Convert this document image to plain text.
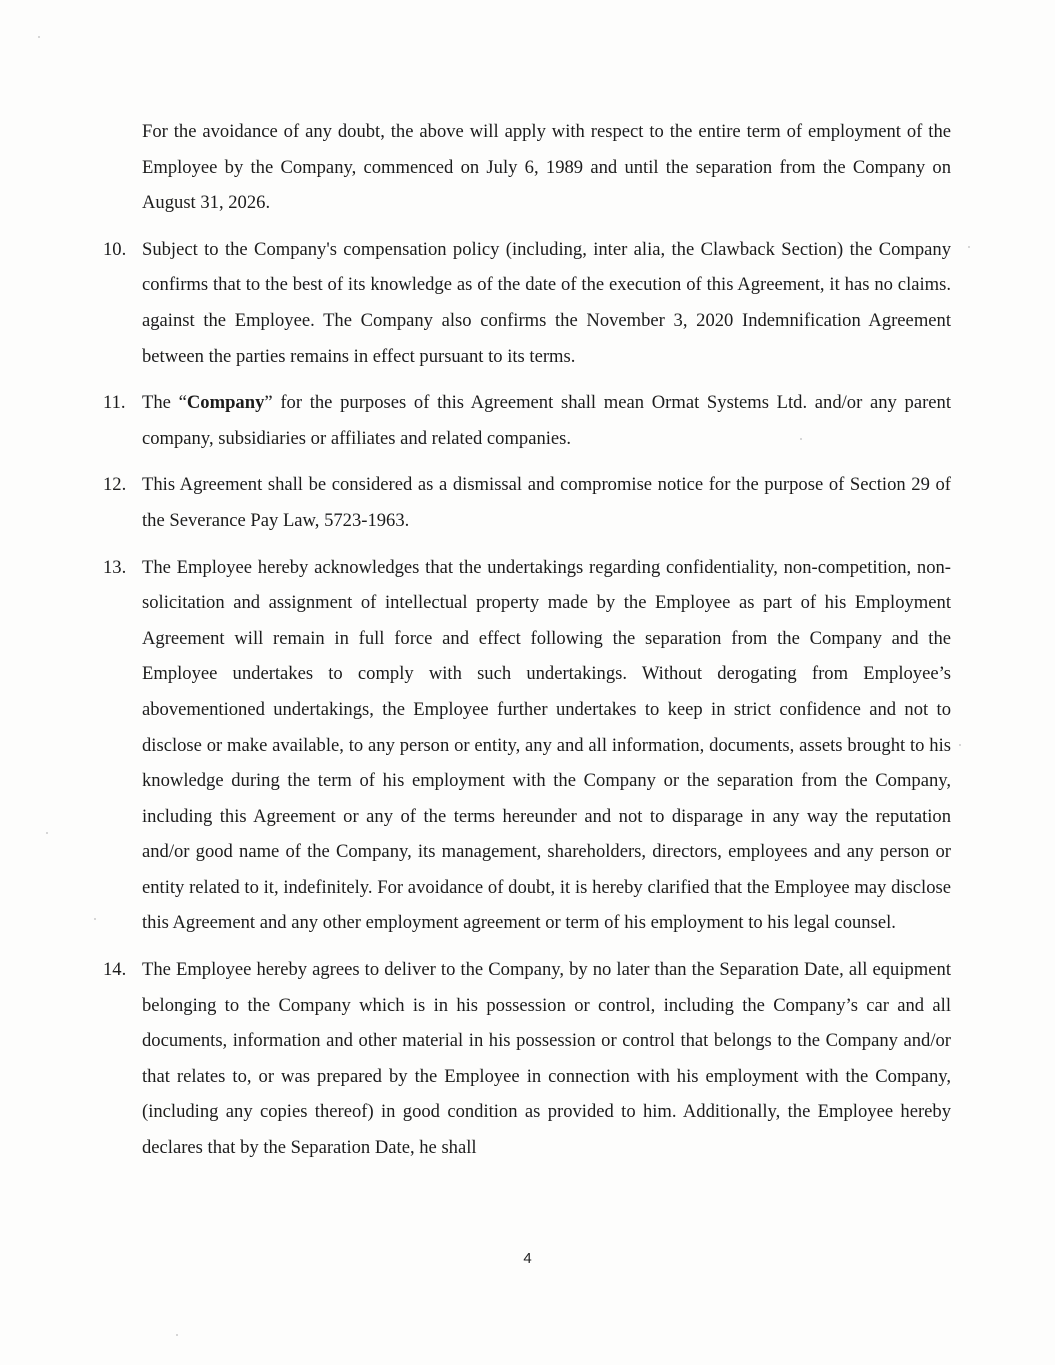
For the avoidance of any doubt, the above will apply with respect to the entire term of employment of the Employee by the Company, commenced on July 6, 1989 and until the separation from the Company on August 31, 2026.

10. Subject to the Company's compensation policy (including, inter alia, the Clawback Section) the Company confirms that to the best of its knowledge as of the date of the execution of this Agreement, it has no claims. against the Employee. The Company also confirms the November 3, 2020 Indemnification Agreement between the parties remains in effect pursuant to its terms.

11. The “Company” for the purposes of this Agreement shall mean Ormat Systems Ltd. and/or any parent company, subsidiaries or affiliates and related companies.

12. This Agreement shall be considered as a dismissal and compromise notice for the purpose of Section 29 of the Severance Pay Law, 5723-1963.

13. The Employee hereby acknowledges that the undertakings regarding confidentiality, non-competition, non-solicitation and assignment of intellectual property made by the Employee as part of his Employment Agreement will remain in full force and effect following the separation from the Company and the Employee undertakes to comply with such undertakings. Without derogating from Employee’s abovementioned undertakings, the Employee further undertakes to keep in strict confidence and not to disclose or make available, to any person or entity, any and all information, documents, assets brought to his knowledge during the term of his employment with the Company or the separation from the Company, including this Agreement or any of the terms hereunder and not to disparage in any way the reputation and/or good name of the Company, its management, shareholders, directors, employees and any person or entity related to it, indefinitely. For avoidance of doubt, it is hereby clarified that the Employee may disclose this Agreement and any other employment agreement or term of his employment to his legal counsel.

14. The Employee hereby agrees to deliver to the Company, by no later than the Separation Date, all equipment belonging to the Company which is in his possession or control, including the Company’s car and all documents, information and other material in his possession or control that belongs to the Company and/or that relates to, or was prepared by the Employee in connection with his employment with the Company, (including any copies thereof) in good condition as provided to him. Additionally, the Employee hereby declares that by the Separation Date, he shall

4
